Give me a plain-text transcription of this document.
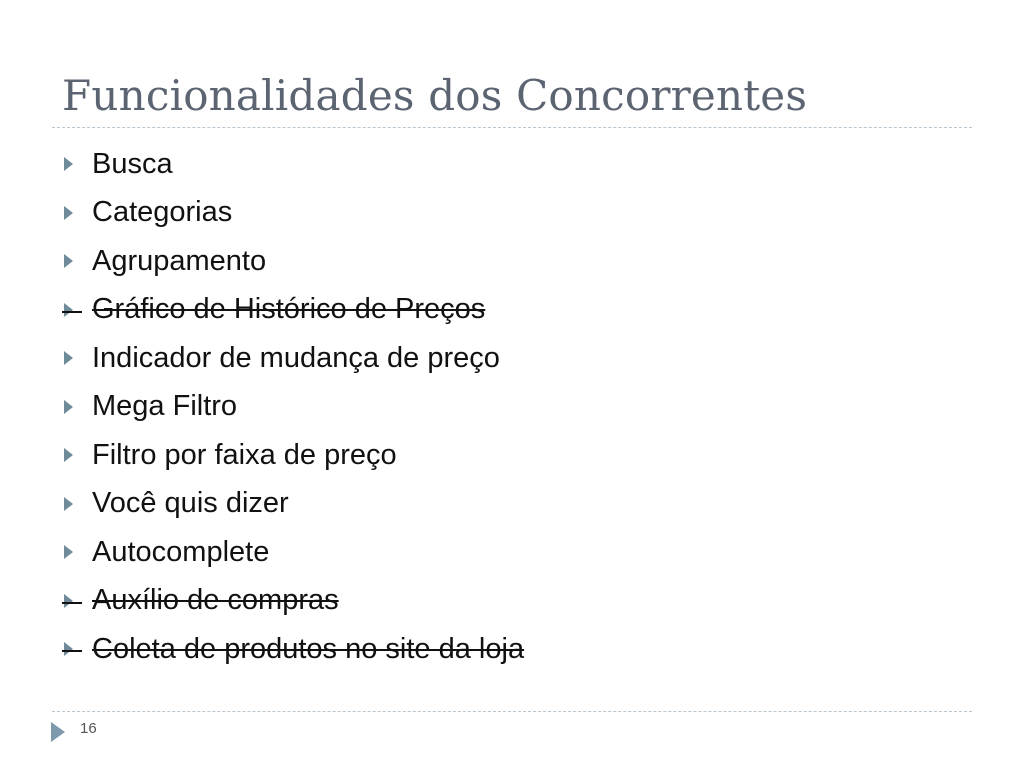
Funcionalidades dos Concorrentes
Busca
Categorias
Agrupamento
Gráfico de Histórico de Preços
Indicador de mudança de preço
Mega Filtro
Filtro por faixa de preço
Você quis dizer
Autocomplete
Auxílio de compras
Coleta de produtos no site da loja
16
